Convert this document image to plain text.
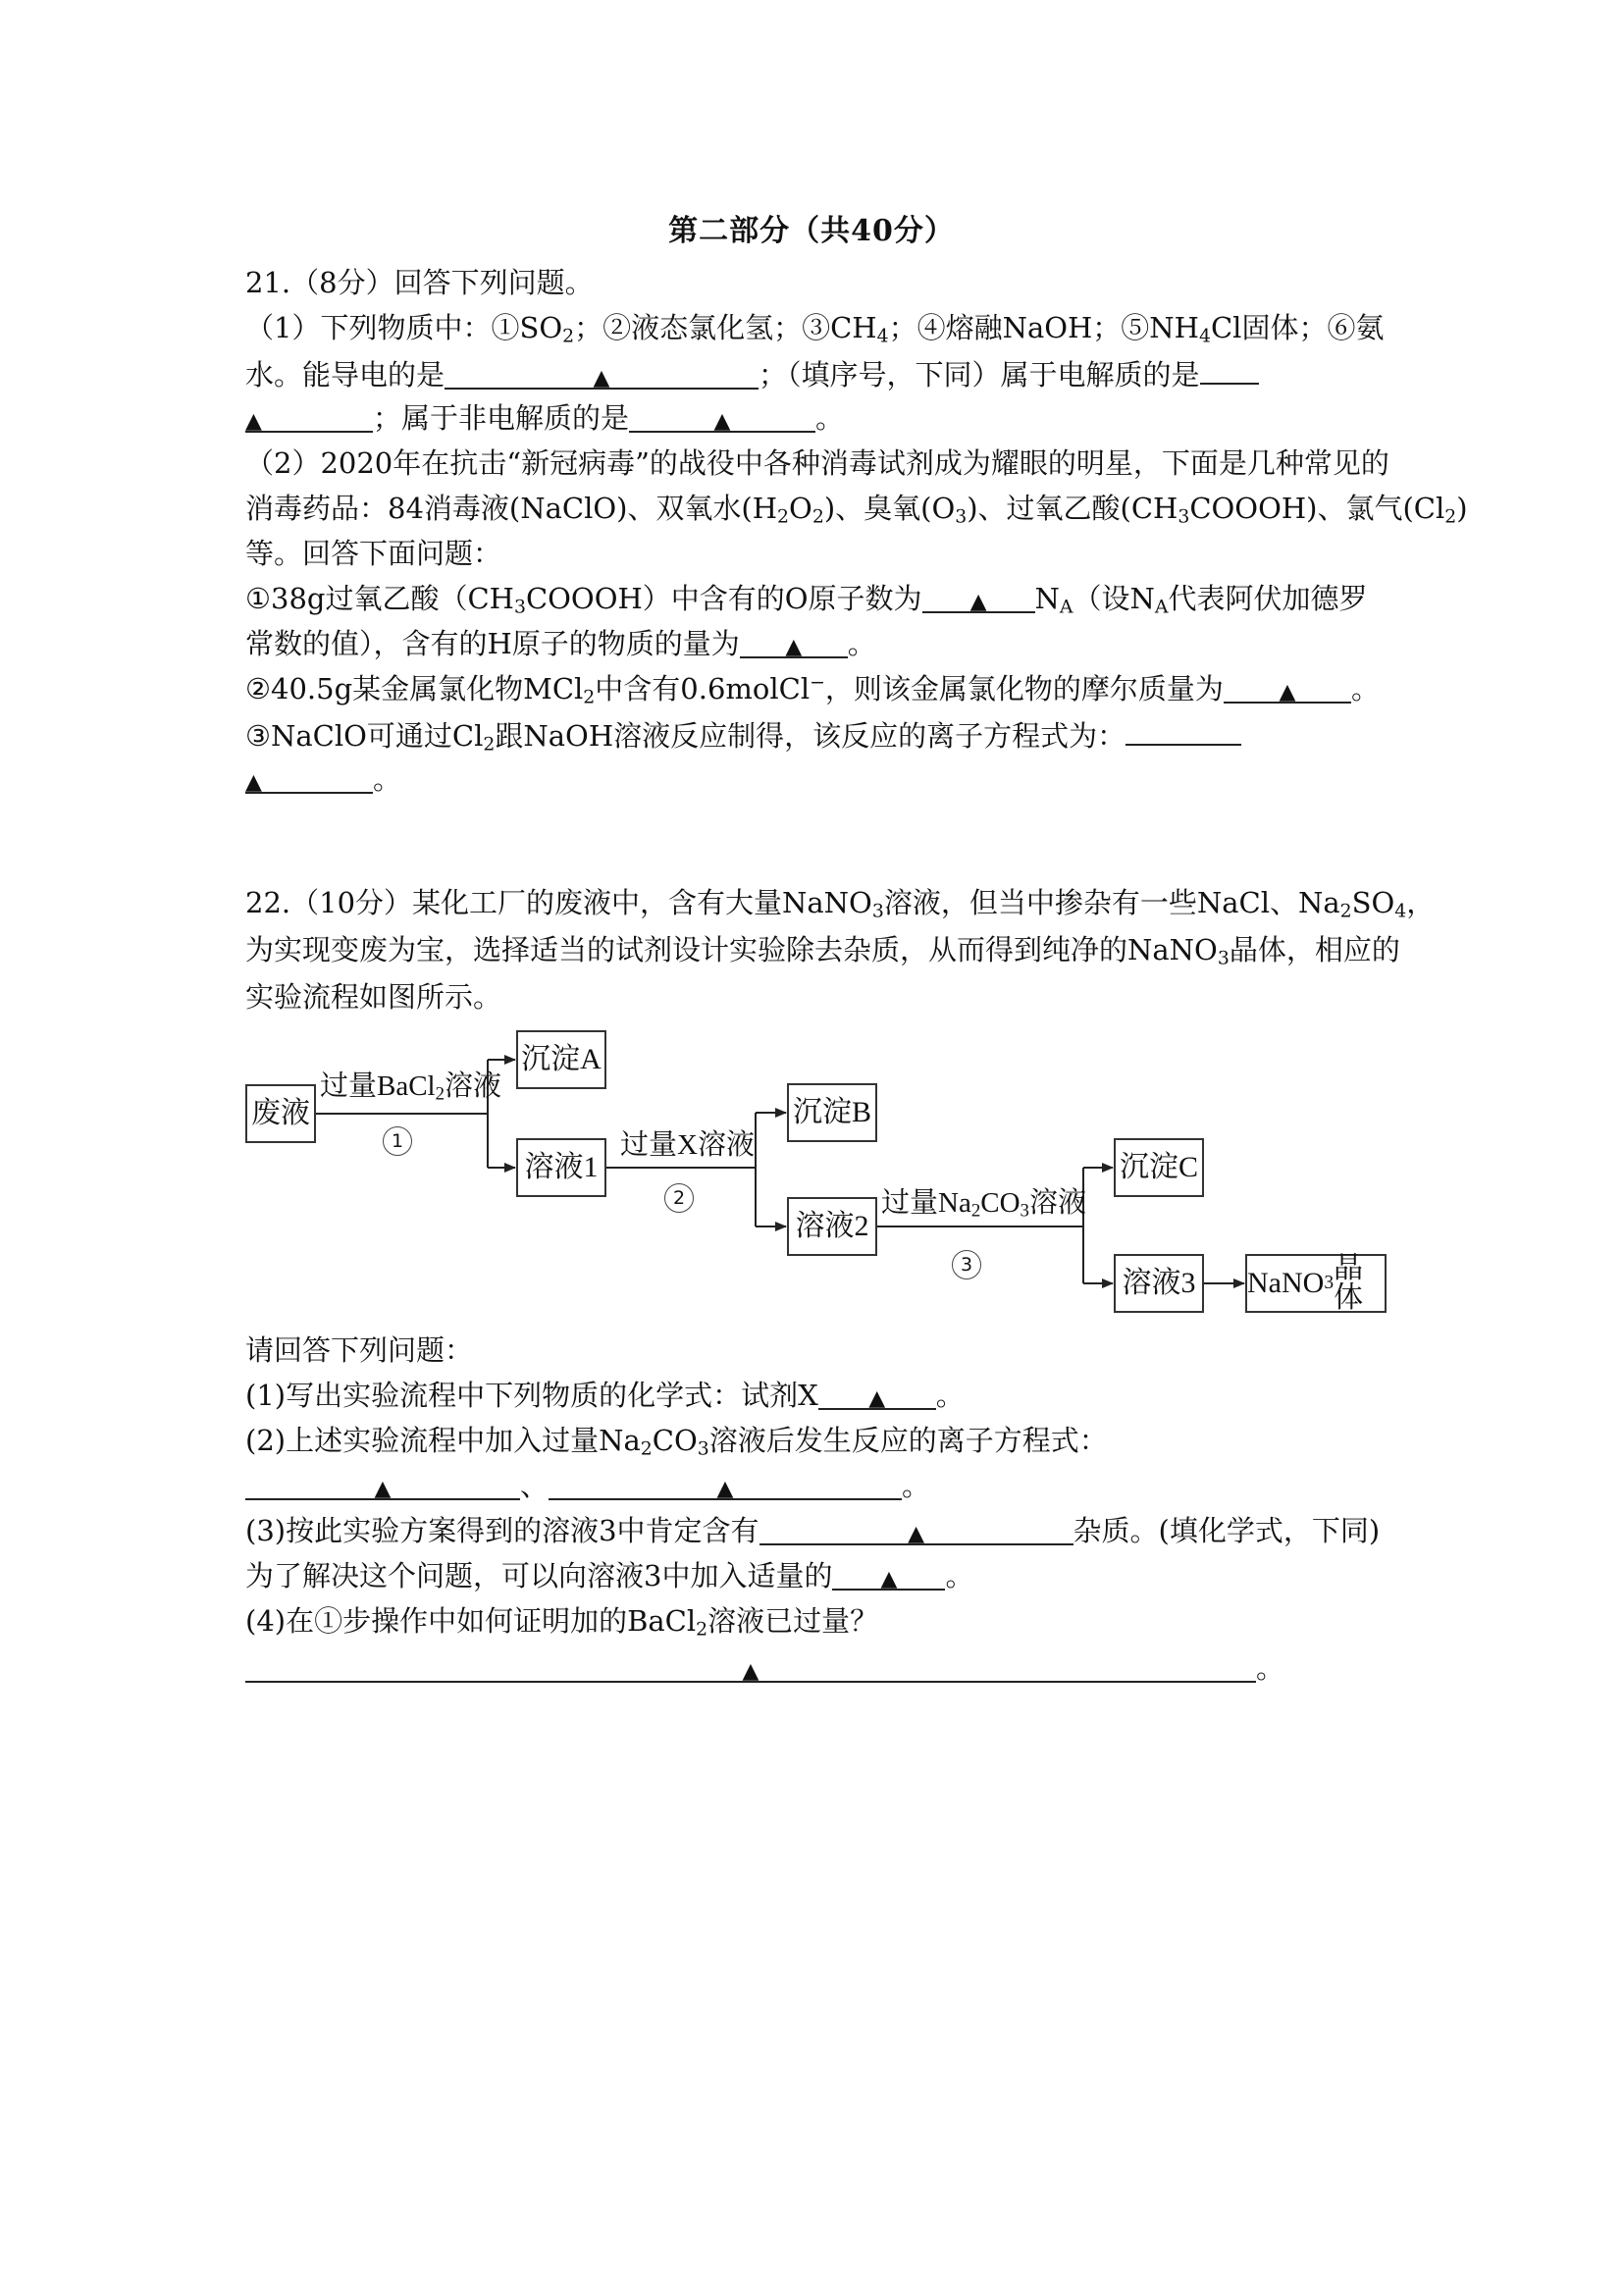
第二部分（共40分）
21.（8分）回答下列问题。
（1）下列物质中：$①SO_2$；②液态氯化氢；$③CH_4$；④熔融NaOH；$⑤NH_4Cl$固体；⑥氨
水。能导电的是	▲	；（填序号，下同）属于电解质的是
▲	；属于非电解质的是	▲	。
（2）2020年在抗击“新冠病毒”的战役中各种消毒试剂成为耀眼的明星，下面是几种常见的
消毒药品：84消毒液(NaClO)、双氧水$(H_2O_2)$、臭氧$(O_3)$、过氧乙酸$(CH_3COOOH)$、氯气$(Cl_2)$
等。回答下面问题：
①38g过氧乙酸$(CH_3COOOH)$中含有的O原子数为 ▲ $N_A$（设$N_A$代表阿伏加德罗
常数的值），含有的H原子的物质的量为 ▲ 。
②40.5g某金属氯化物MCl$_2$中含有0.6molCl−，则该金属氯化物的摩尔质量为	▲ 。
③NaClO可通过$Cl_2$跟NaOH溶液反应制得，该反应的离子方程式为：
▲	。
22.（10分）某化工厂的废液中，含有大量NaNO$_3$溶液，但当中掺杂有一些NaCl、$Na_2SO_4$，
为实现变废为宝，选择适当的试剂设计实验除去杂质，从而得到纯净的NaNO$_3$晶体，相应的
实验流程如图所示。
废液
过量BaCl$_2$溶液
1
沉淀A
溶液1
过量X溶液
2
沉淀B
溶液2
过量$Na_2CO_3$溶液
3
沉淀C
溶液3 NaNO 3 晶体
请回答下列问题：
(1)写出实验流程中下列物质的化学式：试剂X ▲ 。
(2)上述实验流程中加入过量$Na_2CO_3$溶液后发生反应的离子方程式：
▲	、	▲	。
(3)按此实验方案得到的溶液3中肯定含有	▲	杂质。(填化学式，下同)
为了解决这个问题，可以向溶液3中加入适量的 ▲ 。
(4)在①步操作中如何证明加的BaCl$_2$溶液已过量？
▲	。
